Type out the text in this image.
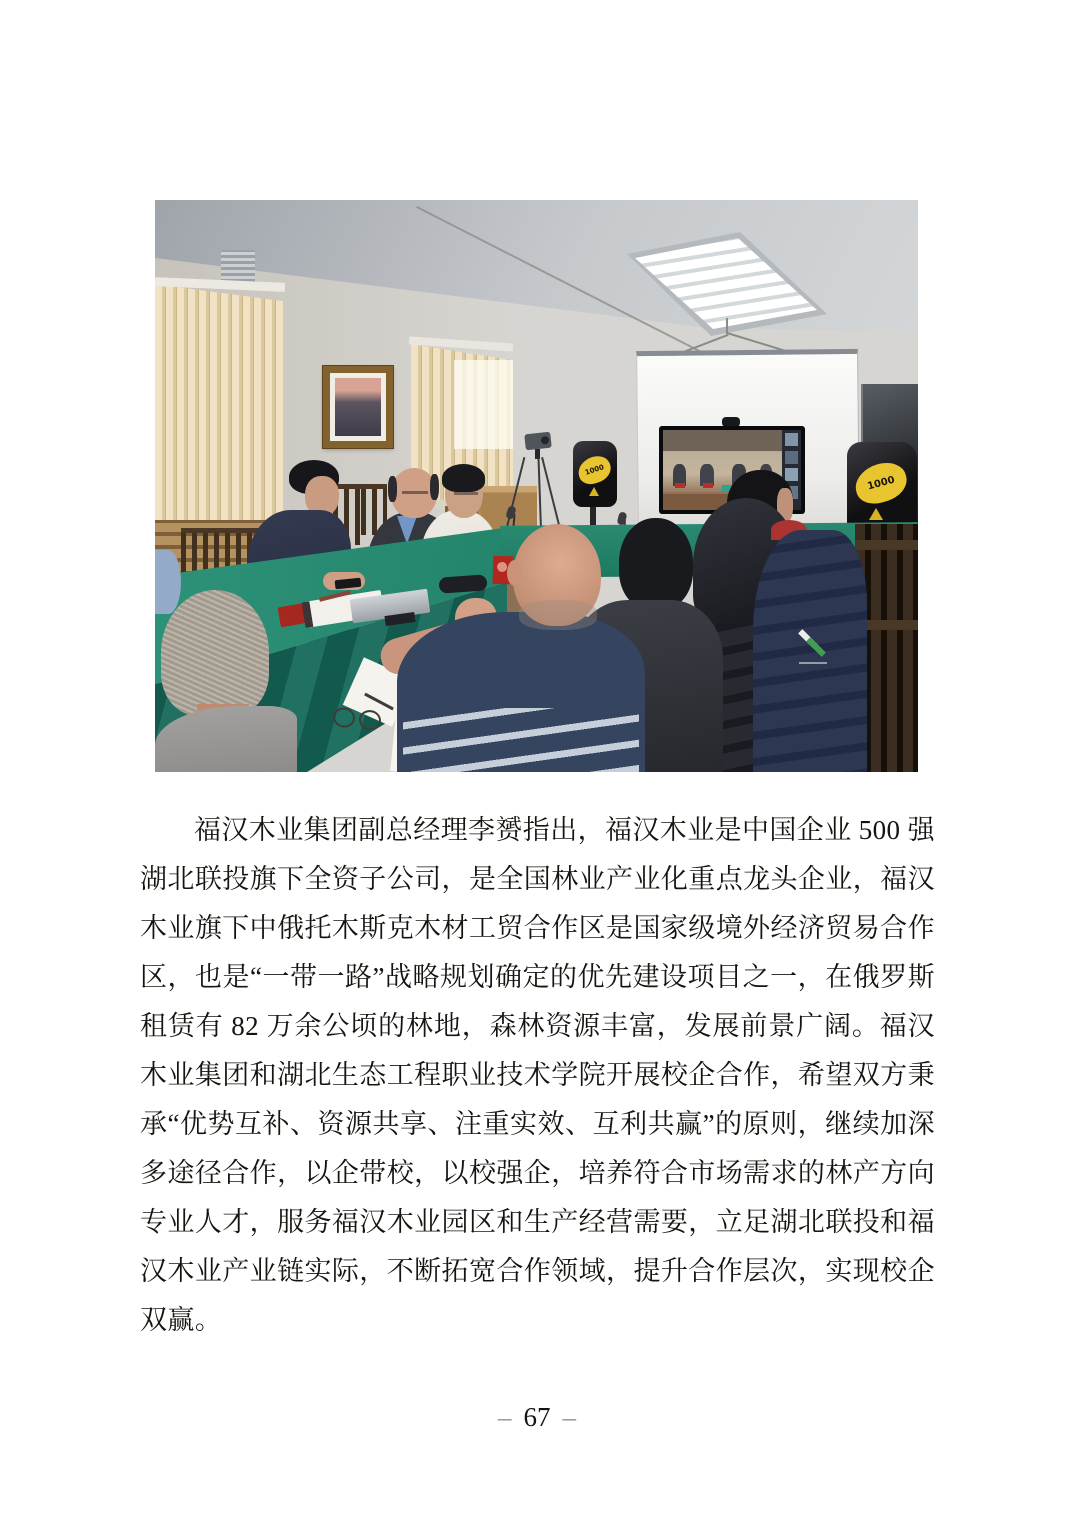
1000
1000

福汉木业集团副总经理李赟指出，福汉木业是中国企业 500 强湖北联投旗下全资子公司，是全国林业产业化重点龙头企业，福汉木业旗下中俄托木斯克木材工贸合作区是国家级境外经济贸易合作区，也是“一带一路”战略规划确定的优先建设项目之一，在俄罗斯租赁有 82 万余公顷的林地，森林资源丰富，发展前景广阔。福汉木业集团和湖北生态工程职业技术学院开展校企合作，希望双方秉承“优势互补、资源共享、注重实效、互利共赢”的原则，继续加深多途径合作，以企带校，以校强企，培养符合市场需求的林产方向专业人才，服务福汉木业园区和生产经营需要，立足湖北联投和福汉木业产业链实际，不断拓宽合作领域，提升合作层次，实现校企双赢。

– 67 –
